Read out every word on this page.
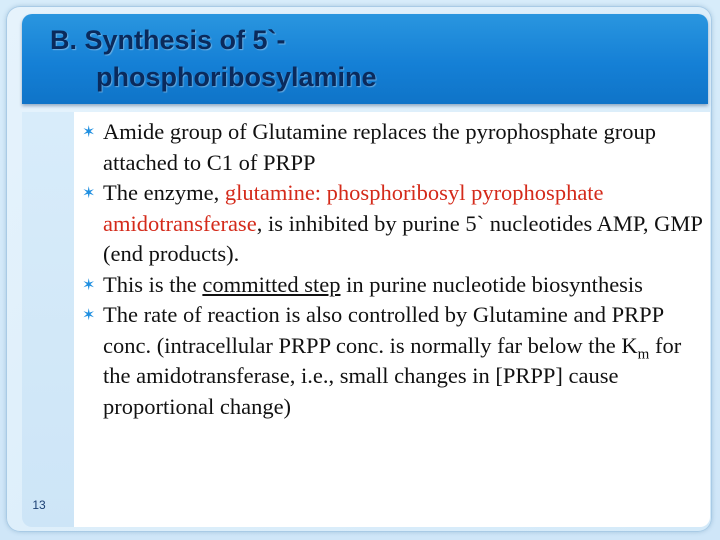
B. Synthesis of 5`-
phosphoribosylamine
✶ Amide group of Glutamine replaces the pyrophosphate group attached to C1 of PRPP
✶ The enzyme, glutamine: phosphoribosyl pyrophosphate amidotransferase, is inhibited by purine 5` nucleotides AMP, GMP (end products).
✶ This is the committed step in purine nucleotide biosynthesis
✶ The rate of reaction is also controlled by Glutamine and PRPP conc. (intracellular PRPP conc. is normally far below the $K_m$ for the amidotransferase, i.e., small changes in [PRPP] cause proportional change)
13
